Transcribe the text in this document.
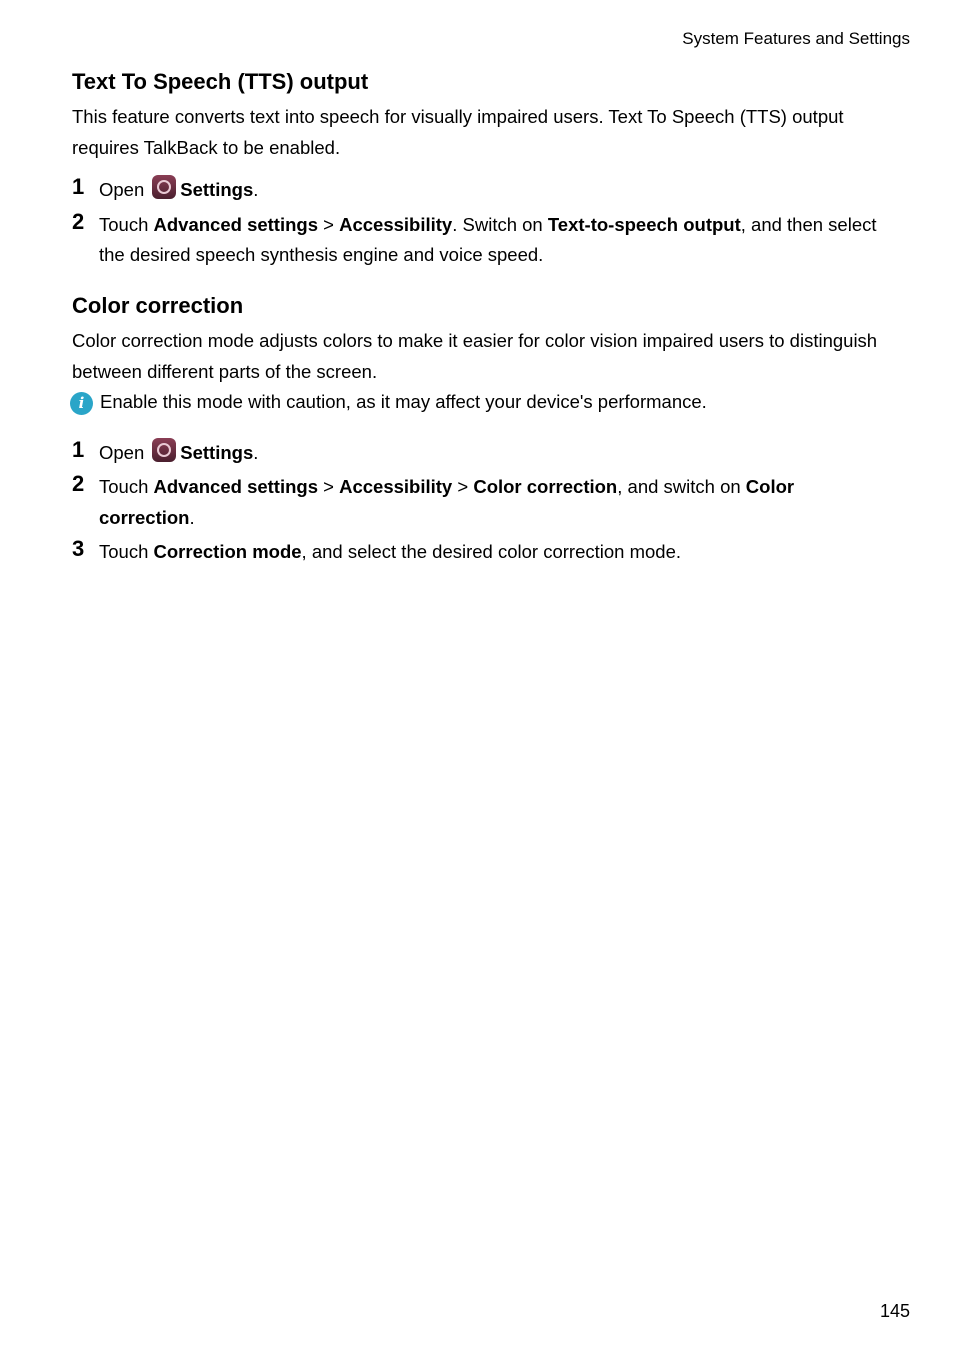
System Features and Settings
Text To Speech (TTS) output

This feature converts text into speech for visually impaired users. Text To Speech (TTS) output requires TalkBack to be enabled.

1 Open Settings.
2 Touch Advanced settings > Accessibility. Switch on Text-to-speech output, and then select the desired speech synthesis engine and voice speed.
Color correction

Color correction mode adjusts colors to make it easier for color vision impaired users to distinguish between different parts of the screen.

i Enable this mode with caution, as it may affect your device's performance.
1 Open Settings.
2 Touch Advanced settings > Accessibility > Color correction, and switch on Color correction.
3 Touch Correction mode, and select the desired color correction mode.
145
